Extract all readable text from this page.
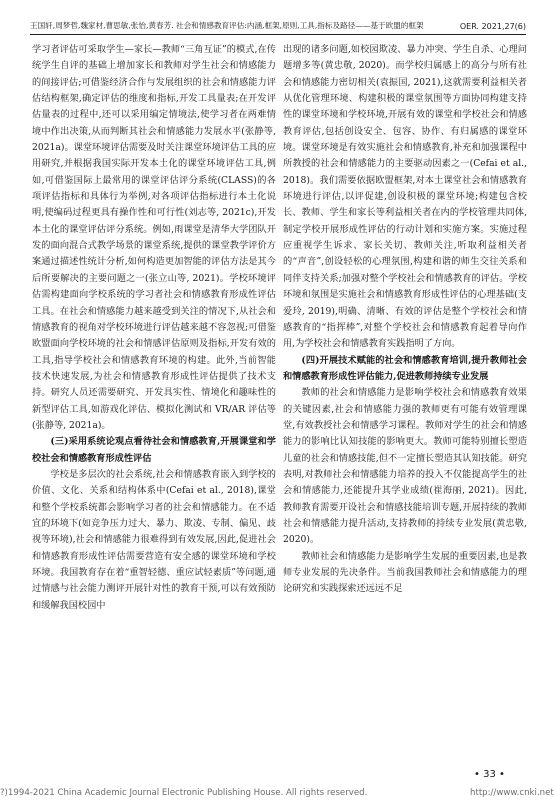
王国轩,周梦哲,魏家材,曹思敏,张怡,黄春芳. 社会和情感教育评估:内涵,框架,原则,工具,指标及路径——基于欧盟的框架	OER. 2021,27(6)

学习者评估可采取学生—家长—教师“三角互证”的模式,在传统学生自评的基础上增加家长和教师对学生社会和情感能力的间接评估;可借鉴经济合作与发展组织的社会和情感能力评估结构框架,确定评估的维度和指标,开发工具量表;在开发评估量表的过程中,还可以采用编定情境法,使学习者在两难情境中作出决策,从而判断其社会和情感能力发展水平(张静等, 2021a)。课堂环境评估需要及时关注课堂环境评估工具的应用研究,并根据我国实际开发本土化的课堂环境评估工具,例如,可借鉴国际上最常用的课堂评估评分系统(CLASS)的各项评估指标和具体行为举例,对各项评估指标进行本土化说明,使编码过程更具有操作性和可行性(刘志等, 2021c),开发本土化的课堂评估评分系统。例如,雨课堂是清华大学团队开发的面向混合式教学场景的课堂系统,提供的课堂教学评价方案通过描述性统计分析,如何构造更加智能的评估方法是其今后所要解决的主要问题之一(张立山等, 2021)。学校环境评估需构建面向学校系统的学习者社会和情感教育形成性评估工具。在社会和情感能力越来越受到关注的情况下,从社会和情感教育的视角对学校环境进行评估越来越不容忽视;可借鉴欧盟面向学校环境的社会和情感评估原则及指标,开发有效的工具,指导学校社会和情感教育环境的构建。此外,当前智能技术快速发展,为社会和情感教育形成性评估提供了技术支持。研究人员还需要研究、开发具实性、情境化和趣味性的新型评估工具,如游戏化评估、模拟化测试和 VR/AR 评估等(张静等, 2021a)。

(三)采用系统论观点看待社会和情感教育,开展课堂和学校社会和情感教育形成性评估

学校是多层次的社会系统,社会和情感教育嵌入到学校的价值、文化、关系和结构体系中(Cefai et al., 2018),课堂和整个学校系统都会影响学习者的社会和情感能力。在不适宜的环境下(如竞争压力过大、暴力、欺凌、专制、偏见、歧视等环境),社会和情感能力很难得到有效发展,因此,促进社会和情感教育形成性评估需要营造有安全感的课堂环境和学校环境。我国教育存在着“重智轻德、重应试轻素质”等问题,通过情感与社会能力测评开展针对性的教育干预,可以有效预防和缓解我国校园中

出现的诸多问题,如校园欺凌、暴力冲突、学生自杀、心理问题增多等(黄忠敬, 2020)。而学校归属感上的高分与所有社会和情感能力密切相关(袁振国, 2021),这就需要利益相关者从优化管理环境、构建积极的课堂氛围等方面协同构建支持性的课堂环境和学校环境,开展有效的课堂和学校社会和情感教育评估,包括创设安全、包容、协作、有归属感的课堂环境。课堂环境是有效实施社会和情感教育,补充和加强课程中所教授的社会和情感能力的主要驱动因素之一(Cefai et al., 2018)。我们需要依据欧盟框架,对本土课堂社会和情感教育环境进行评估,以评促建,创设积极的课堂环境;构建包含校长、教师、学生和家长等利益相关者在内的学校管理共同体,制定学校开展形成性评估的行动计划和实施方案。实施过程应重视学生诉求、家长关切、教师关注,听取利益相关者的“声音”,创设轻松的心理氛围,构建和谐的师生交往关系和同伴支持关系;加强对整个学校社会和情感教育的评估。学校环境和氛围是实施社会和情感教育形成性评估的心理基础(支爱玲, 2019),明确、清晰、有效的评估是整个学校社会和情感教育的“指挥棒”,对整个学校社会和情感教育起着导向作用,为学校社会和情感教育实践指明了方向。

(四)开展技术赋能的社会和情感教育培训,提升教师社会和情感教育形成性评估能力,促进教师持续专业发展

教师的社会和情感能力是影响学校社会和情感教育效果的关键因素,社会和情感能力强的教师更有可能有效管理课堂,有效教授社会和情感学习课程。教师对学生的社会和情感能力的影响比认知技能的影响更大。教师可能特别擅长塑造儿童的社会和情感技能,但不一定擅长塑造其认知技能。研究表明,对教师社会和情感能力培养的投入不仅能提高学生的社会和情感能力,还能提升其学业成绩(崔海丽, 2021)。因此,教师教育需要开设社会和情感技能培训专题,开展持续的教师社会和情感能力提升活动,支持教师的持续专业发展(黄忠敬, 2020)。

教师社会和情感能力是影响学生发展的重要因素,也是教师专业发展的先决条件。当前我国教师社会和情感能力的理论研究和实践探索还远远不足

• 33 •
?)1994-2021 China Academic Journal Electronic Publishing House. All rights reserved.	http://www.cnki.net
